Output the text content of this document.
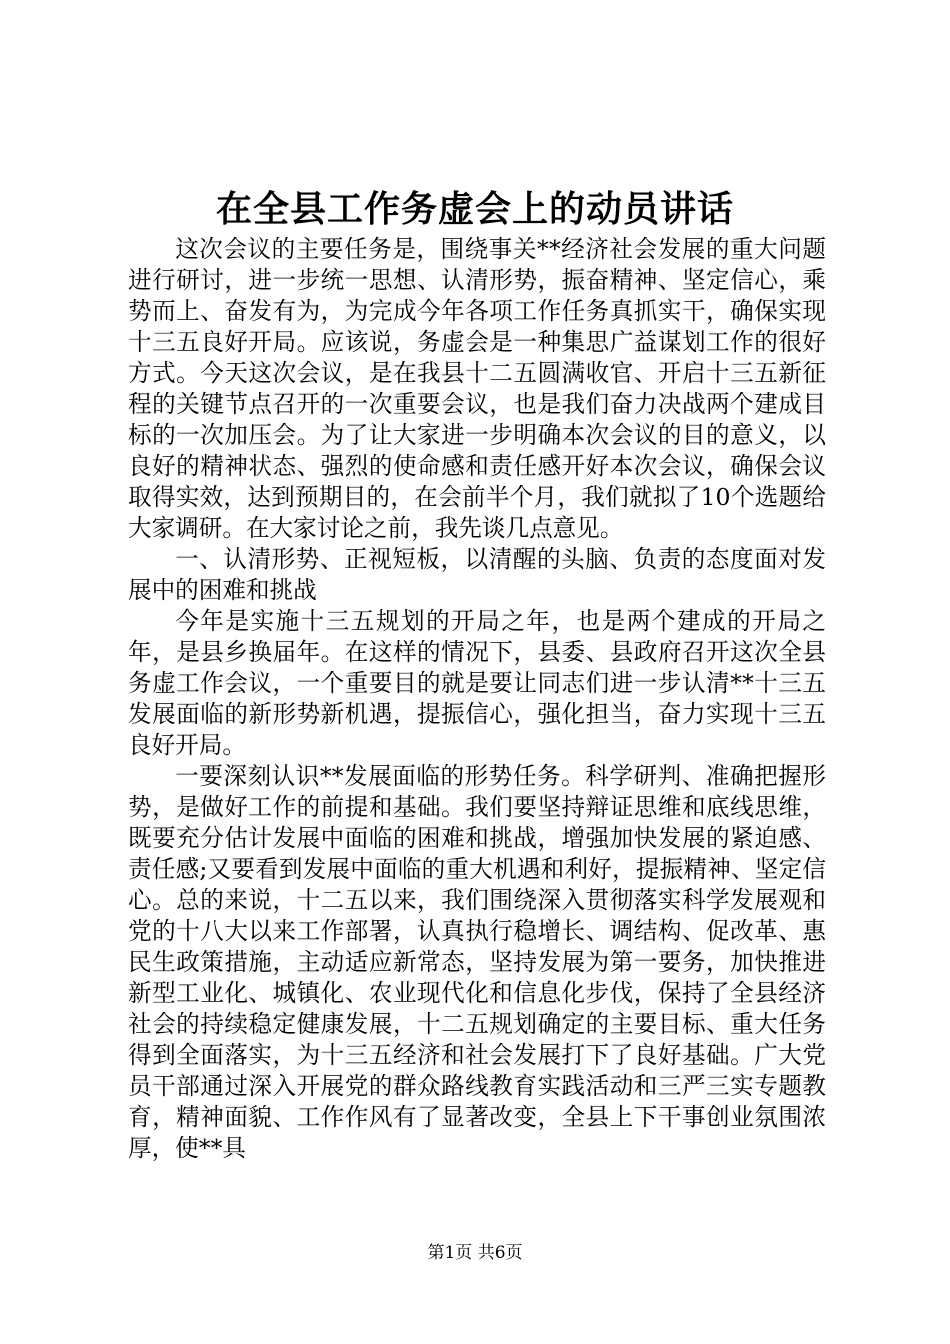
在全县工作务虚会上的动员讲话

这次会议的主要任务是，围绕事关**经济社会发展的重大问题进行研讨，进一步统一思想、认清形势，振奋精神、坚定信心，乘势而上、奋发有为，为完成今年各项工作任务真抓实干，确保实现十三五良好开局。应该说，务虚会是一种集思广益谋划工作的很好方式。今天这次会议，是在我县十二五圆满收官、开启十三五新征程的关键节点召开的一次重要会议，也是我们奋力决战两个建成目标的一次加压会。为了让大家进一步明确本次会议的目的意义，以良好的精神状态、强烈的使命感和责任感开好本次会议，确保会议取得实效，达到预期目的，在会前半个月，我们就拟了10个选题给大家调研。在大家讨论之前，我先谈几点意见。

一、认清形势、正视短板，以清醒的头脑、负责的态度面对发展中的困难和挑战

今年是实施十三五规划的开局之年，也是两个建成的开局之年，是县乡换届年。在这样的情况下，县委、县政府召开这次全县务虚工作会议，一个重要目的就是要让同志们进一步认清**十三五发展面临的新形势新机遇，提振信心，强化担当，奋力实现十三五良好开局。

一要深刻认识**发展面临的形势任务。科学研判、准确把握形势，是做好工作的前提和基础。我们要坚持辩证思维和底线思维，既要充分估计发展中面临的困难和挑战，增强加快发展的紧迫感、责任感;又要看到发展中面临的重大机遇和利好，提振精神、坚定信心。总的来说，十二五以来，我们围绕深入贯彻落实科学发展观和党的十八大以来工作部署，认真执行稳增长、调结构、促改革、惠民生政策措施，主动适应新常态，坚持发展为第一要务，加快推进新型工业化、城镇化、农业现代化和信息化步伐，保持了全县经济社会的持续稳定健康发展，十二五规划确定的主要目标、重大任务得到全面落实，为十三五经济和社会发展打下了良好基础。广大党员干部通过深入开展党的群众路线教育实践活动和三严三实专题教育，精神面貌、工作作风有了显著改变，全县上下干事创业氛围浓厚，使**具

第1页 共6页
